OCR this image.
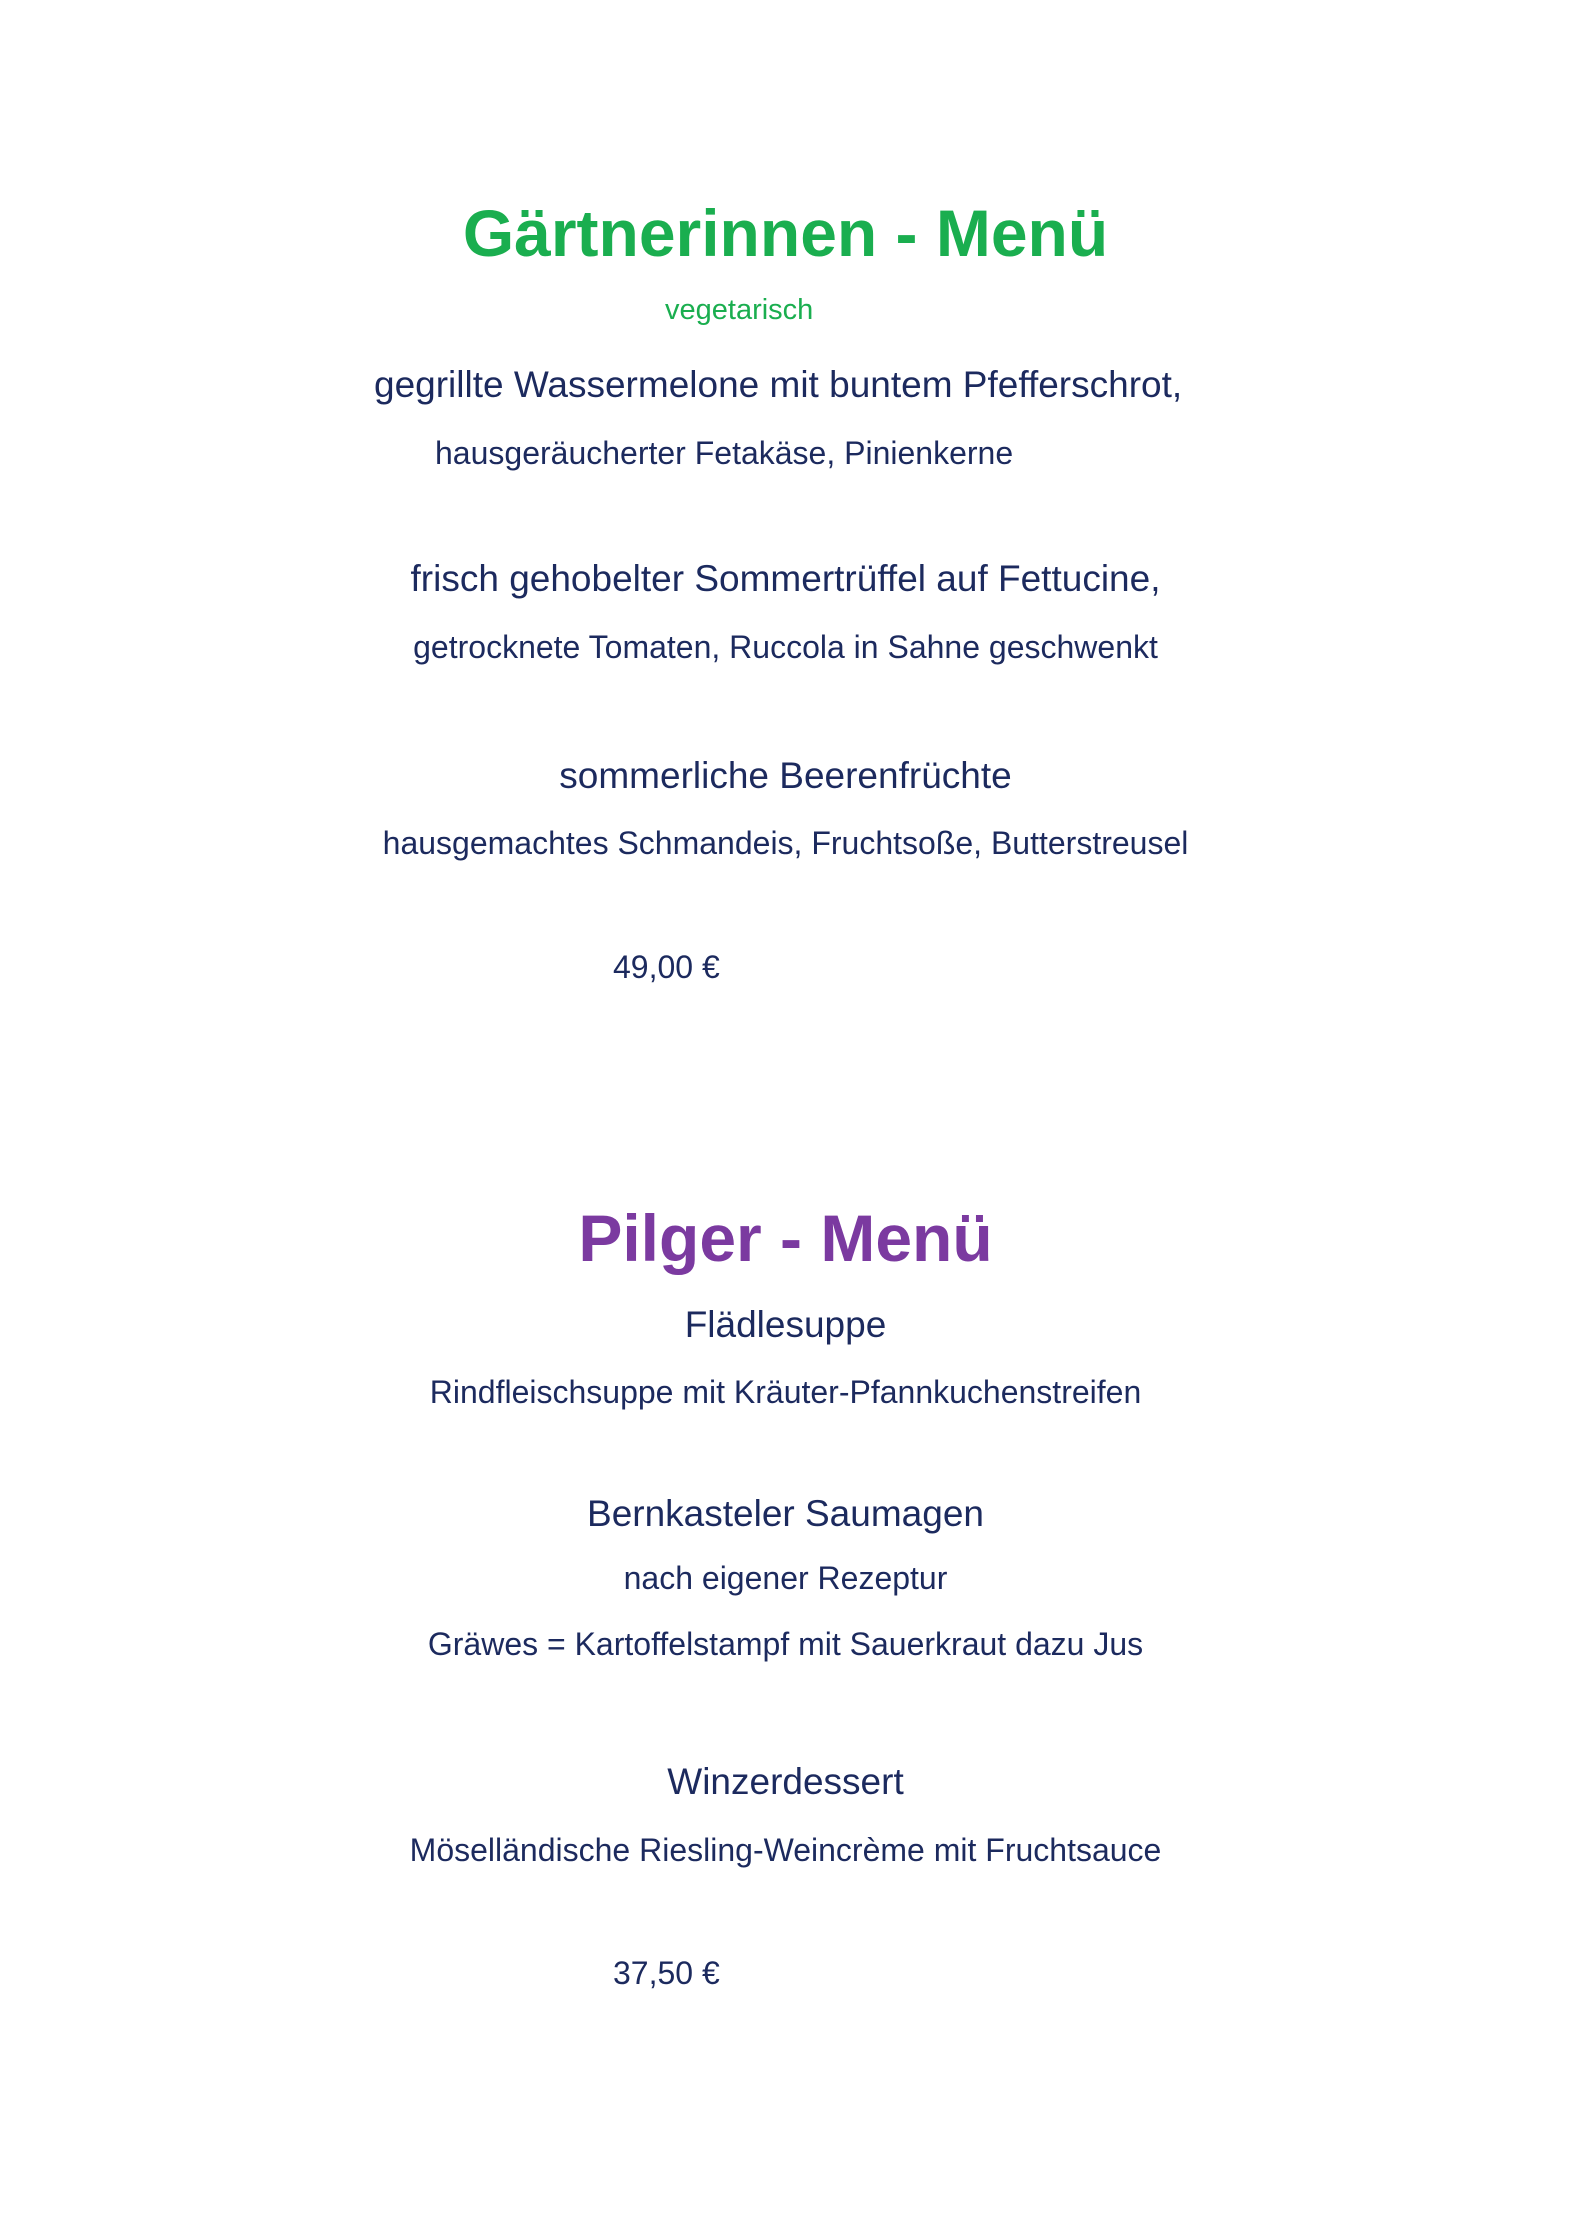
Gärtnerinnen - Menü
vegetarisch
gegrillte Wassermelone mit buntem Pfefferschrot,
hausgeräucherter Fetakäse, Pinienkerne
frisch gehobelter Sommertrüffel auf Fettucine,
getrocknete Tomaten, Ruccola in Sahne geschwenkt
sommerliche Beerenfrüchte
hausgemachtes Schmandeis, Fruchtsoße, Butterstreusel
49,00 €
Pilger - Menü
Flädlesuppe
Rindfleischsuppe mit Kräuter-Pfannkuchenstreifen
Bernkasteler Saumagen
nach eigener Rezeptur
Gräwes = Kartoffelstampf mit Sauerkraut dazu Jus
Winzerdessert
Möselländische Riesling-Weincrème mit Fruchtsauce
37,50 €
